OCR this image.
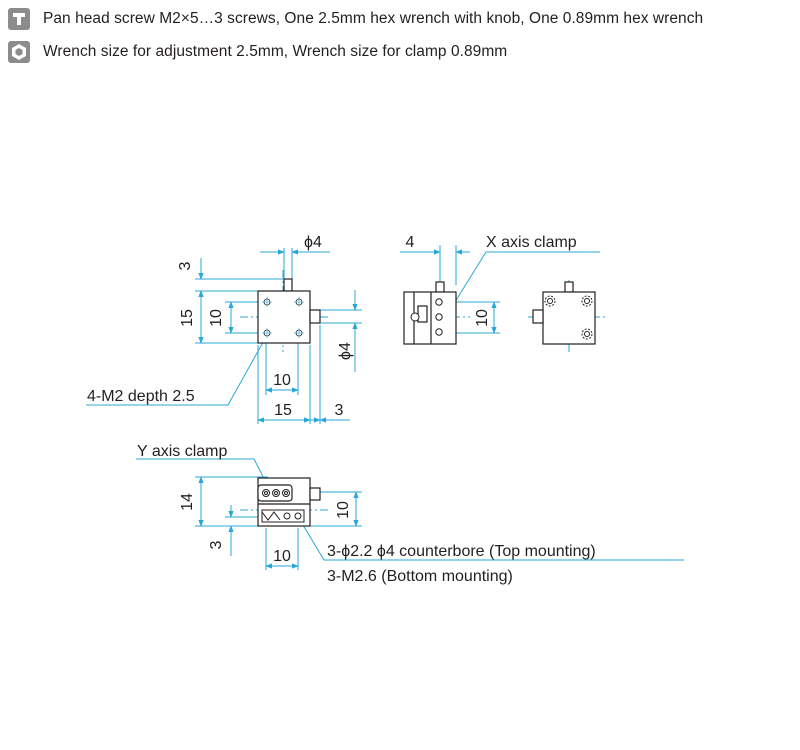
Pan head screw M2×5…3 screws, One 2.5mm hex wrench with knob, One 0.89mm hex wrench
Wrench size for adjustment 2.5mm, Wrench size for clamp 0.89mm
3
15 10
ϕ4
ϕ4
10
15	3
4-M2 depth 2.5
4	X axis clamp
10
Y axis clamp
14
3
10
10
3-ϕ2.2 ϕ4 counterbore (Top mounting)
3-M2.6 (Bottom mounting)
